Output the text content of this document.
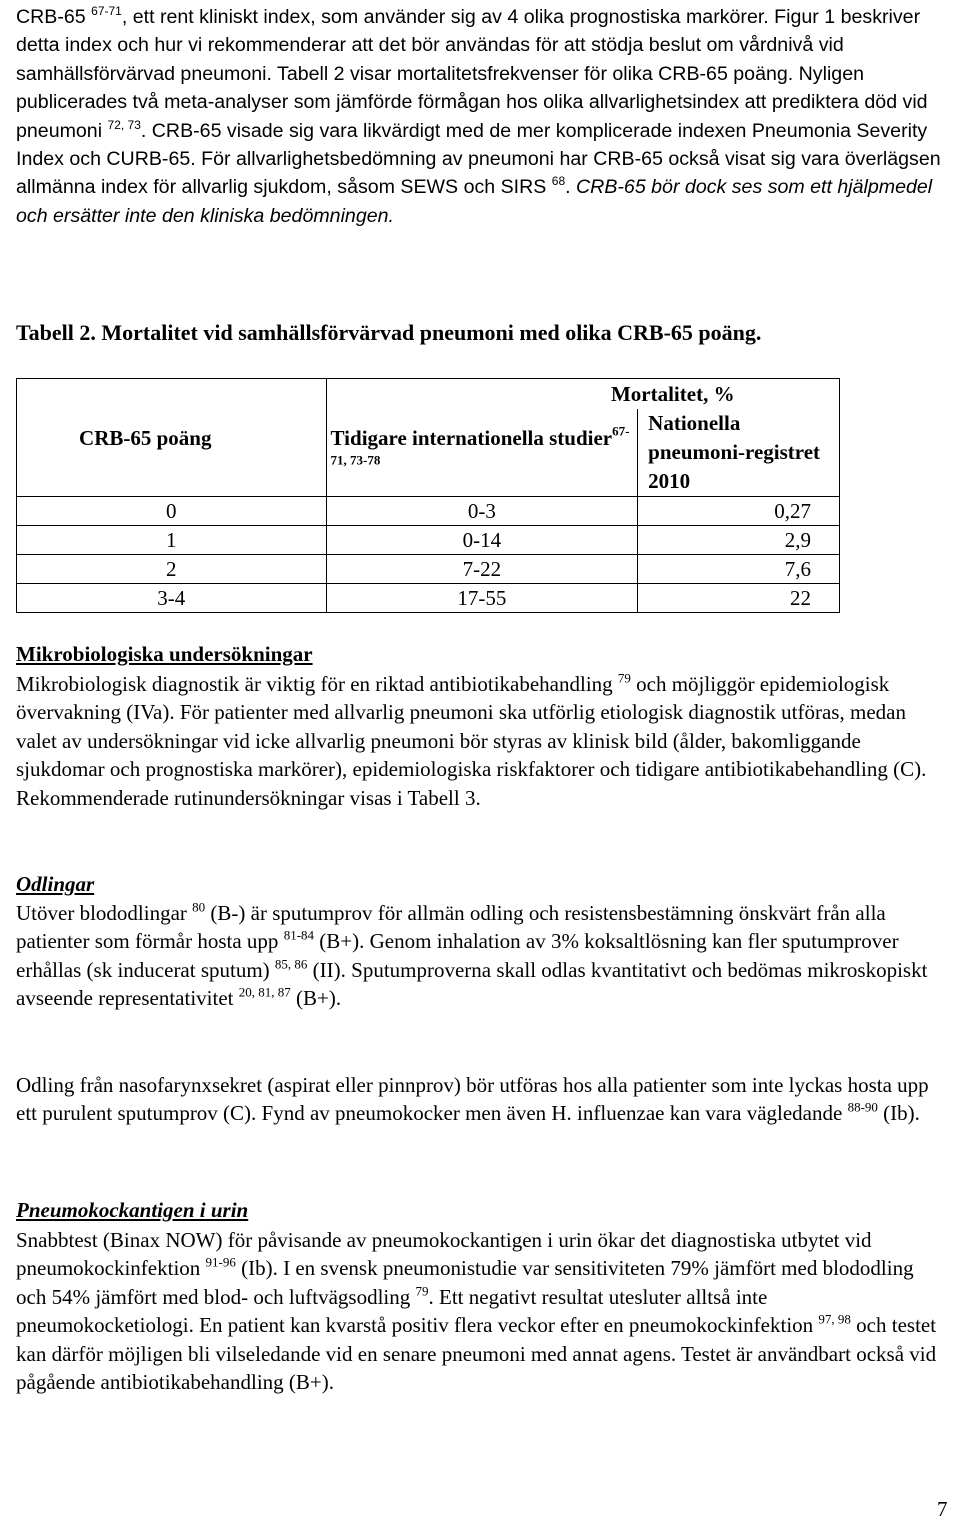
CRB-65 $^{67-71}$, ett rent kliniskt index, som använder sig av 4 olika prognostiska markörer. Figur 1 beskriver detta index och hur vi rekommenderar att det bör användas för att stödja beslut om vårdnivå vid samhällsförvärvad pneumoni. Tabell 2 visar mortalitetsfrekvenser för olika CRB-65 poäng. Nyligen publicerades två meta-analyser som jämförde förmågan hos olika allvarlighetsindex att prediktera död vid pneumoni $^{72, 73}$. CRB-65 visade sig vara likvärdigt med de mer komplicerade indexen Pneumonia Severity Index och CURB-65. För allvarlighetsbedömning av pneumoni har CRB-65 också visat sig vara överlägsen allmänna index för allvarlig sjukdom, såsom SEWS och SIRS $^{68}$. CRB-65 bör dock ses som ett hjälpmedel och ersätter inte den kliniska bedömningen.

Tabell 2. Mortalitet vid samhällsförvärvad pneumoni med olika CRB-65 poäng.

CRB-65 poäng	Mortalitet, %	
	Tidigare internationella studier$^{67-71, 73-78}$	Nationella pneumoni-registret 2010
0	0-3	0,27
1	0-14	2,9
2	7-22	7,6
3-4	17-55	22

Mikrobiologiska undersökningar

Mikrobiologisk diagnostik är viktig för en riktad antibiotikabehandling $^{79}$ och möjliggör epidemiologisk övervakning (IVa). För patienter med allvarlig pneumoni ska utförlig etiologisk diagnostik utföras, medan valet av undersökningar vid icke allvarlig pneumoni bör styras av klinisk bild (ålder, bakomliggande sjukdomar och prognostiska markörer), epidemiologiska riskfaktorer och tidigare antibiotikabehandling (C). Rekommenderade rutinundersökningar visas i Tabell 3.

Odlingar

Utöver blododlingar $^{80}$ (B-) är sputumprov för allmän odling och resistensbestämning önskvärt från alla patienter som förmår hosta upp $^{81-84}$ (B+). Genom inhalation av 3% koksaltlösning kan fler sputumprover erhållas (sk inducerat sputum) $^{85, 86}$ (II). Sputumproverna skall odlas kvantitativt och bedömas mikroskopiskt avseende representativitet $^{20, 81, 87}$ (B+).

Odling från nasofarynxsekret (aspirat eller pinnprov) bör utföras hos alla patienter som inte lyckas hosta upp ett purulent sputumprov (C). Fynd av pneumokocker men även H. influenzae kan vara vägledande $^{88-90}$ (Ib).

Pneumokockantigen i urin

Snabbtest (Binax NOW) för påvisande av pneumokockantigen i urin ökar det diagnostiska utbytet vid pneumokockinfektion $^{91-96}$ (Ib). I en svensk pneumonistudie var sensitiviteten 79% jämfört med blododling och 54% jämfört med blod- och luftvägsodling $^{79}$. Ett negativt resultat utesluter alltså inte pneumokocketiologi. En patient kan kvarstå positiv flera veckor efter en pneumokockinfektion $^{97, 98}$ och testet kan därför möjligen bli vilseledande vid en senare pneumoni med annat agens. Testet är användbart också vid pågående antibiotikabehandling (B+).

7
